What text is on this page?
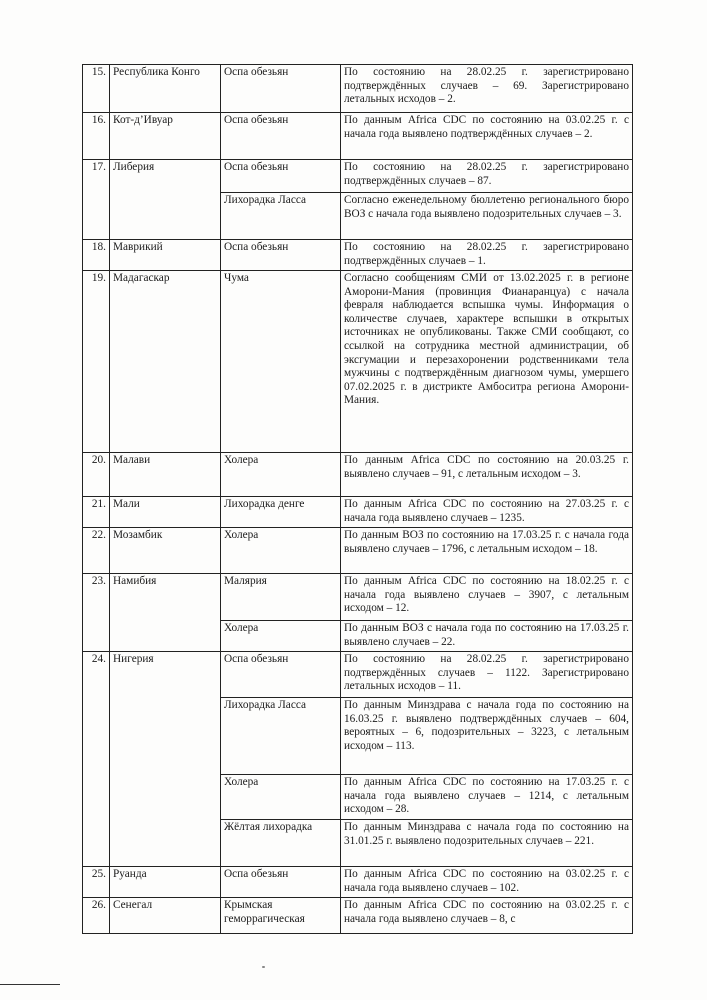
15.	Республика Конго	Оспа обезьян	По состоянию на 28.02.25 г. зарегистрировано подтверждённых случаев – 69. Зарегистрировано летальных исходов – 2.
16.	Кот-д’Ивуар	Оспа обезьян	По данным Africa CDC по состоянию на 03.02.25 г. с начала года выявлено подтверждённых случаев – 2.
17.	Либерия	Оспа обезьян	По состоянию на 28.02.25 г. зарегистрировано подтверждённых случаев – 87.
		Лихорадка Ласса	Согласно еженедельному бюллетеню регионального бюро ВОЗ с начала года выявлено подозрительных случаев – 3.
18.	Маврикий	Оспа обезьян	По состоянию на 28.02.25 г. зарегистрировано подтверждённых случаев – 1.
19.	Мадагаскар	Чума	Согласно сообщениям СМИ от 13.02.2025 г. в регионе Аморони-Мания (провинция Фианаранцуа) с начала февраля наблюдается вспышка чумы. Информация о количестве случаев, характере вспышки в открытых источниках не опубликованы. Также СМИ сообщают, со ссылкой на сотрудника местной администрации, об эксгумации и перезахоронении родственниками тела мужчины с подтверждённым диагнозом чумы, умершего 07.02.2025 г. в дистрикте Амбоситра региона Аморони-Мания.
20.	Малави	Холера	По данным Africa CDC по состоянию на 20.03.25 г. выявлено случаев – 91, с летальным исходом – 3.
21.	Мали	Лихорадка денге	По данным Africa CDC по состоянию на 27.03.25 г. с начала года выявлено случаев – 1235.
22.	Мозамбик	Холера	По данным ВОЗ по состоянию на 17.03.25 г. с начала года выявлено случаев – 1796, с летальным исходом – 18.
23.	Намибия	Малярия	По данным Africa CDC по состоянию на 18.02.25 г. с начала года выявлено случаев – 3907, с летальным исходом – 12.
		Холера	По данным ВОЗ с начала года по состоянию на 17.03.25 г. выявлено случаев – 22.
24.	Нигерия	Оспа обезьян	По состоянию на 28.02.25 г. зарегистрировано подтверждённых случаев – 1122. Зарегистрировано летальных исходов – 11.
		Лихорадка Ласса	По данным Минздрава с начала года по состоянию на 16.03.25 г. выявлено подтверждённых случаев – 604, вероятных – 6, подозрительных – 3223, с летальным исходом – 113.
		Холера	По данным Africa CDC по состоянию на 17.03.25 г. с начала года выявлено случаев – 1214, с летальным исходом – 28.
		Жёлтая лихорадка	По данным Минздрава с начала года по состоянию на 31.01.25 г. выявлено подозрительных случаев – 221.
25.	Руанда	Оспа обезьян	По данным Africa CDC по состоянию на 03.02.25 г. с начала года выявлено случаев – 102.
26.	Сенегал	Крымская геморрагическая	По данным Africa CDC по состоянию на 03.02.25 г. с начала года выявлено случаев – 8, с
